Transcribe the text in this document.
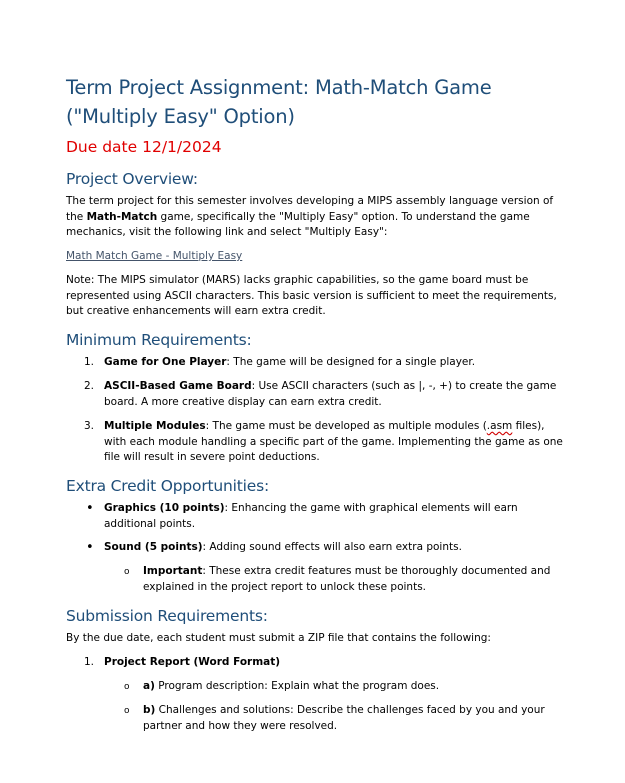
Term Project Assignment: Math-Match Game ("Multiply Easy" Option)
Due date 12/1/2024
Project Overview:
The term project for this semester involves developing a MIPS assembly language version of the Math-Match game, specifically the "Multiply Easy" option. To understand the game mechanics, visit the following link and select "Multiply Easy":
Math Match Game - Multiply Easy
Note: The MIPS simulator (MARS) lacks graphic capabilities, so the game board must be represented using ASCII characters. This basic version is sufficient to meet the requirements, but creative enhancements will earn extra credit.
Minimum Requirements:
1. Game for One Player: The game will be designed for a single player.
2. ASCII-Based Game Board: Use ASCII characters (such as |, -, +) to create the game board. A more creative display can earn extra credit.
3. Multiple Modules: The game must be developed as multiple modules (.asm files), with each module handling a specific part of the game. Implementing the game as one file will result in severe point deductions.
Extra Credit Opportunities:
• Graphics (10 points): Enhancing the game with graphical elements will earn additional points.
• Sound (5 points): Adding sound effects will also earn extra points.
o Important: These extra credit features must be thoroughly documented and explained in the project report to unlock these points.
Submission Requirements:
By the due date, each student must submit a ZIP file that contains the following:
1. Project Report (Word Format)
o a) Program description: Explain what the program does.
o b) Challenges and solutions: Describe the challenges faced by you and your partner and how they were resolved.
